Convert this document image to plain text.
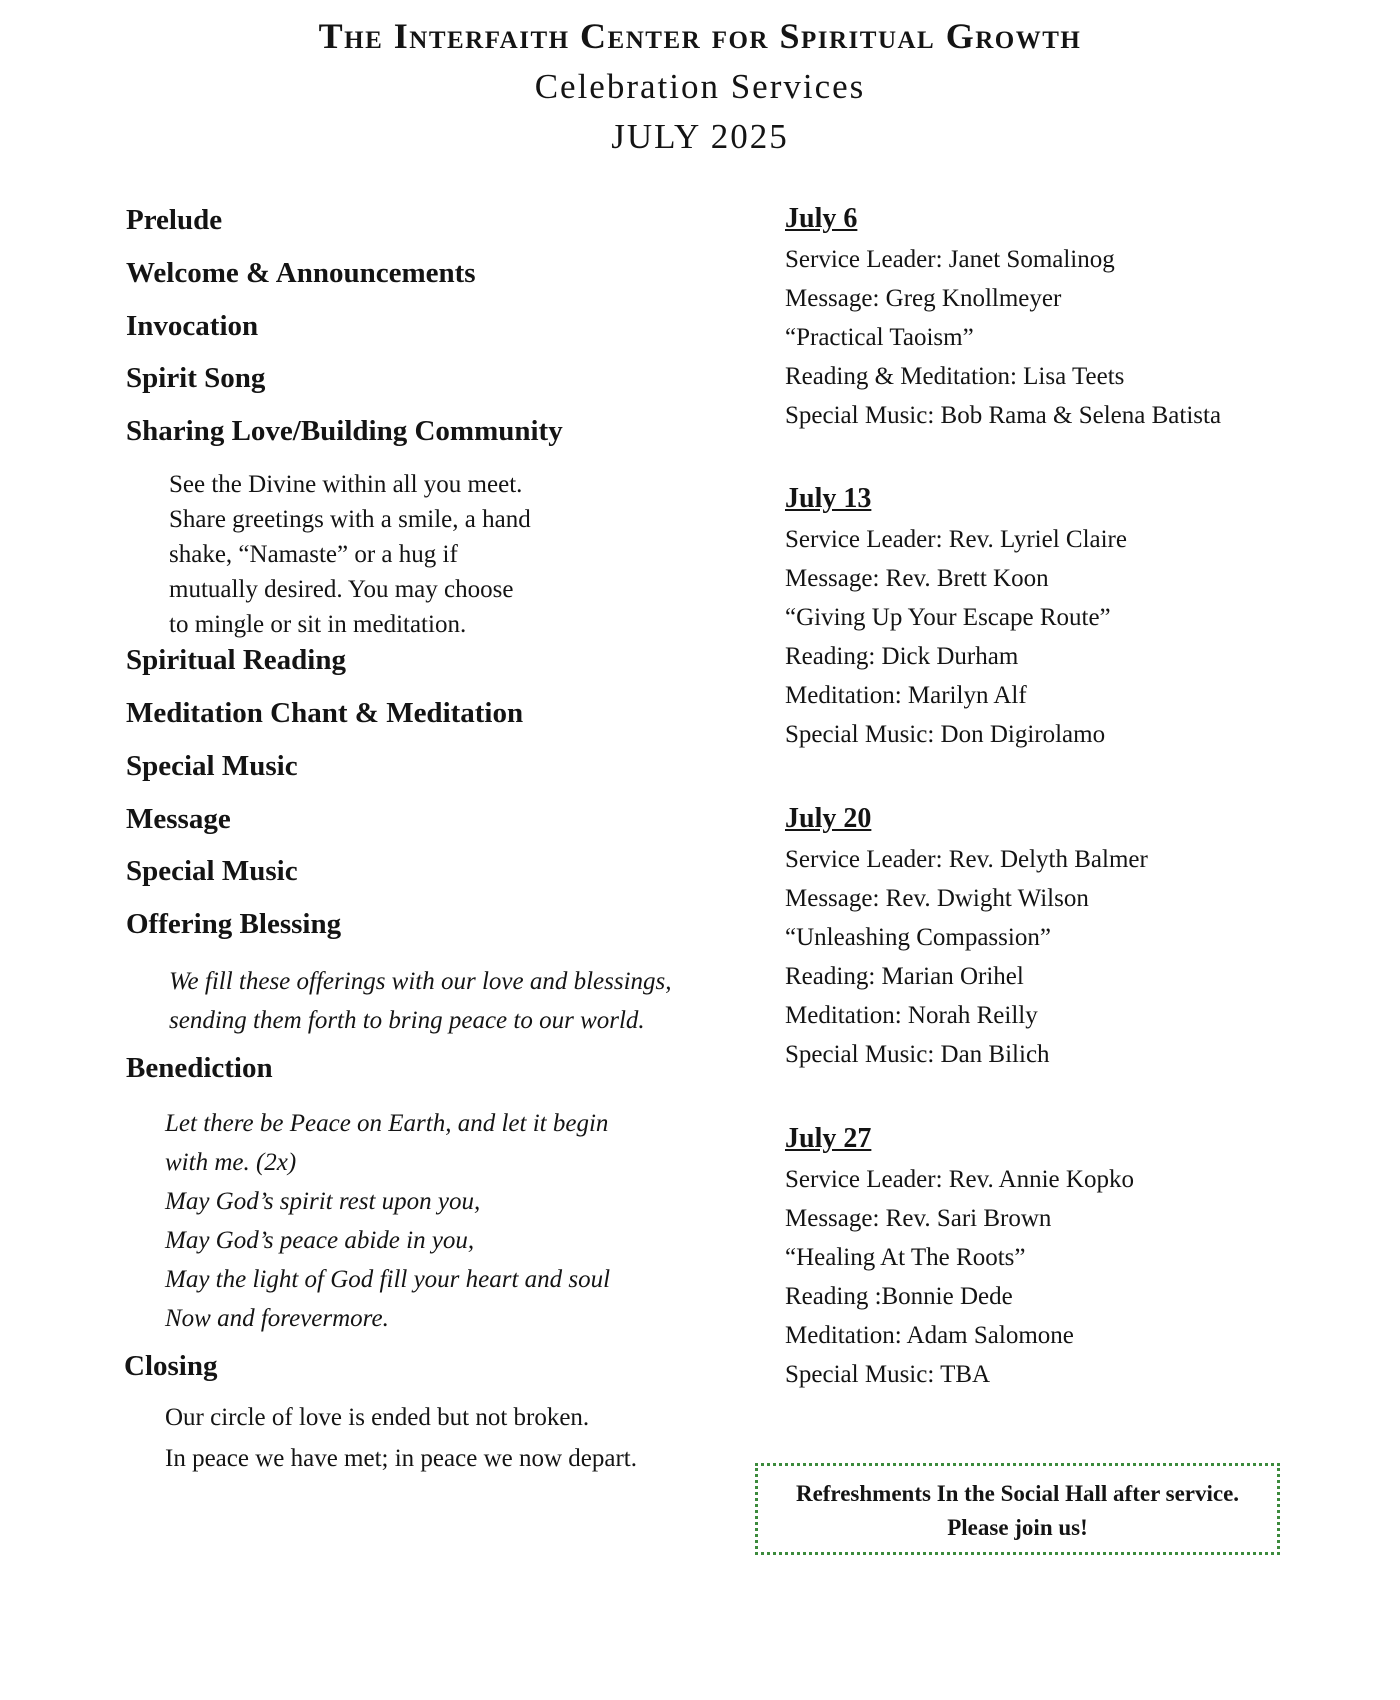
The Interfaith Center for Spiritual Growth
Celebration Services
JULY 2025
Prelude
Welcome & Announcements
Invocation
Spirit Song
Sharing Love/Building Community
See the Divine within all you meet.
Share greetings with a smile, a hand
shake, “Namaste” or a hug if
mutually desired. You may choose
to mingle or sit in meditation.
Spiritual Reading
Meditation Chant & Meditation
Special Music
Message
Special Music
Offering Blessing
We fill these offerings with our love and blessings,
sending them forth to bring peace to our world.
Benediction
Let there be Peace on Earth, and let it begin
with me. (2x)
May God’s spirit rest upon you,
May God’s peace abide in you,
May the light of God fill your heart and soul
Now and forevermore.
Closing
Our circle of love is ended but not broken.
In peace we have met; in peace we now depart.
July 6
Service Leader: Janet Somalinog
Message: Greg Knollmeyer
“Practical Taoism”
Reading & Meditation: Lisa Teets
Special Music: Bob Rama & Selena Batista
July 13
Service Leader: Rev. Lyriel Claire
Message: Rev. Brett Koon
“Giving Up Your Escape Route”
Reading: Dick Durham
Meditation: Marilyn Alf
Special Music: Don Digirolamo
July 20
Service Leader: Rev. Delyth Balmer
Message: Rev. Dwight Wilson
“Unleashing Compassion”
Reading: Marian Orihel
Meditation: Norah Reilly
Special Music: Dan Bilich
July 27
Service Leader: Rev. Annie Kopko
Message: Rev. Sari Brown
“Healing At The Roots”
Reading :Bonnie Dede
Meditation: Adam Salomone
Special Music: TBA
Refreshments In the Social Hall after service.
Please join us!
